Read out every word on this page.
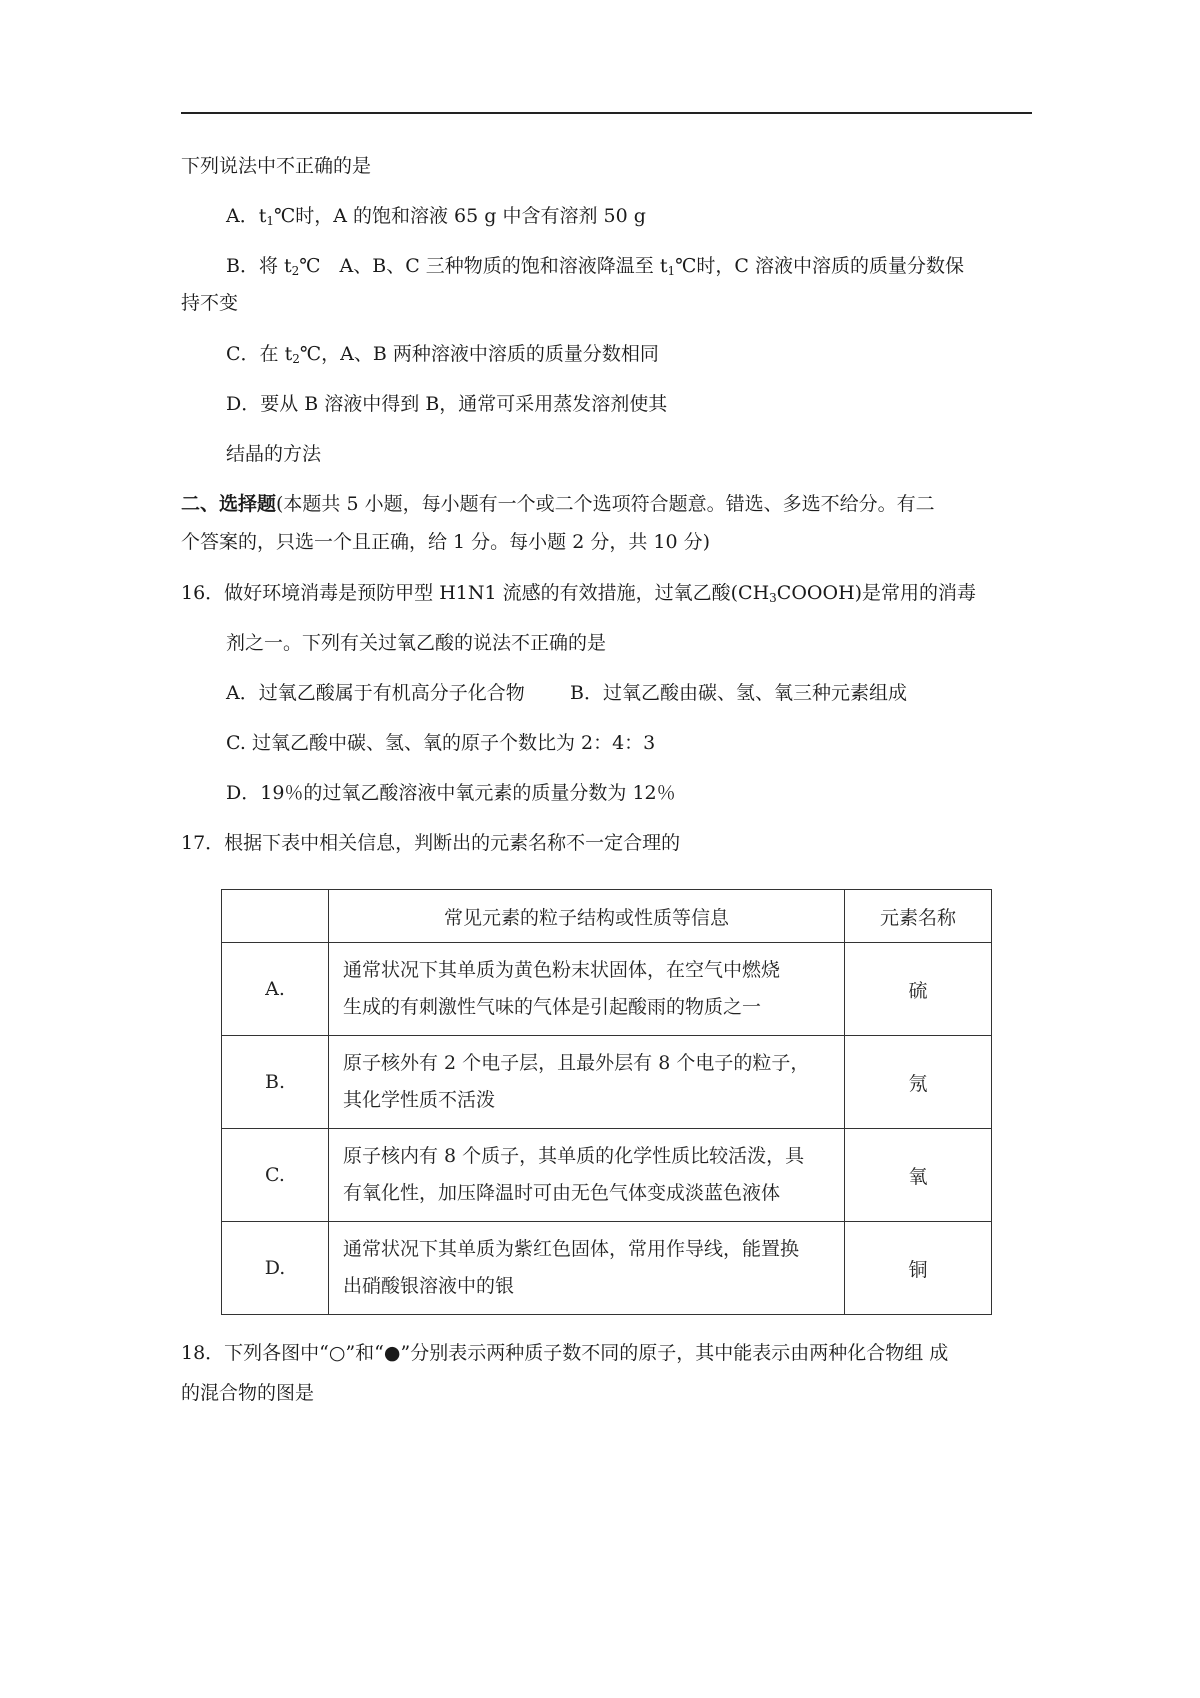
下列说法中不正确的是
A．$t_1℃$时，A 的饱和溶液 65 g 中含有溶剂 50 g
B．将 $t_2℃$　A、B、C 三种物质的饱和溶液降温至 $t_1℃$时，C 溶液中溶质的质量分数保
持不变
C．在 $t_2℃$，A、B 两种溶液中溶质的质量分数相同
D．要从 B 溶液中得到 B，通常可采用蒸发溶剂使其
结晶的方法
二、选择题(本题共 5 小题，每小题有一个或二个选项符合题意。错选、多选不给分。有二
个答案的，只选一个且正确，给 1 分。每小题 2 分，共 10 分)
16．做好环境消毒是预防甲型 H1N1 流感的有效措施，过氧乙酸$(CH_3COOOH)$是常用的消毒
剂之一。下列有关过氧乙酸的说法不正确的是
A．过氧乙酸属于有机高分子化合物 B．过氧乙酸由碳、氢、氧三种元素组成
C. 过氧乙酸中碳、氢、氧的原子个数比为 2：4：3
D．19％的过氧乙酸溶液中氧元素的质量分数为 12％
17．根据下表中相关信息，判断出的元素名称不一定合理的
	常见元素的粒子结构或性质等信息	元素名称
A.	通常状况下其单质为黄色粉末状固体，在空气中燃烧
生成的有刺激性气味的气体是引起酸雨的物质之一	硫
B.	原子核外有 2 个电子层，且最外层有 8 个电子的粒子，
其化学性质不活泼	氖
C.	原子核内有 8 个质子，其单质的化学性质比较活泼，具
有氧化性，加压降温时可由无色气体变成淡蓝色液体	氧
D.	通常状况下其单质为紫红色固体，常用作导线，能置换
出硝酸银溶液中的银	铜
18．下列各图中“○”和“●”分别表示两种质子数不同的原子，其中能表示由两种化合物组 成
的混合物的图是
